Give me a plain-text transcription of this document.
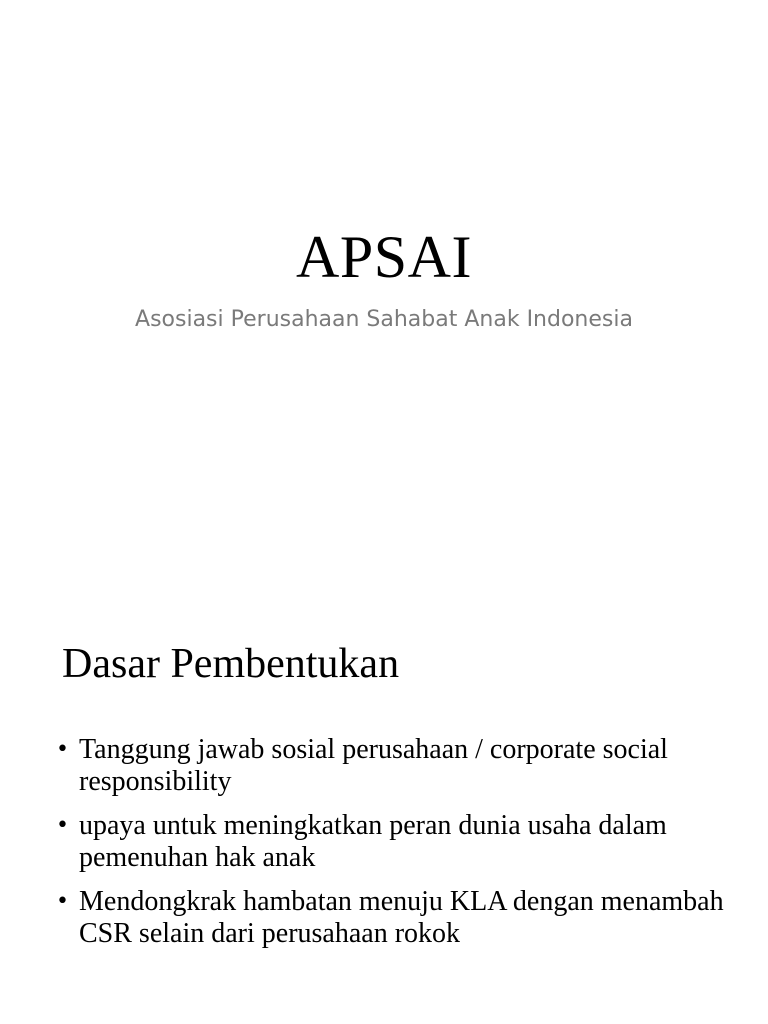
APSAI
Asosiasi Perusahaan Sahabat Anak Indonesia
Dasar Pembentukan
• Tanggung jawab sosial perusahaan / corporate social responsibility
• upaya untuk meningkatkan peran dunia usaha dalam pemenuhan hak anak
• Mendongkrak hambatan menuju KLA dengan menambah CSR selain dari perusahaan rokok
